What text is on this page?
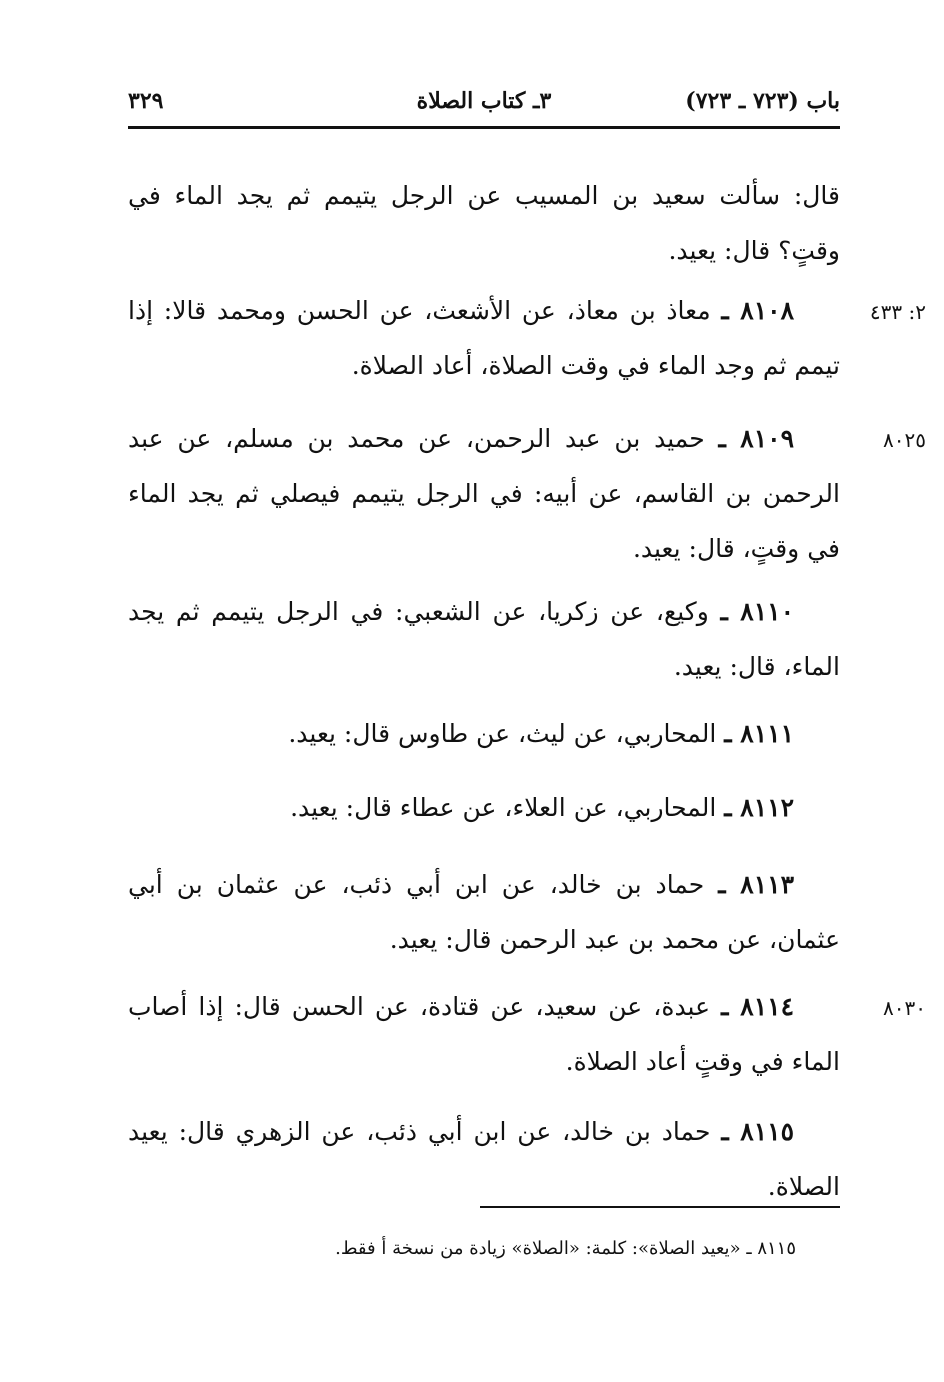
باب (٧٢٣ ـ ٧٢٣)
٣ـ كتاب الصلاة
٣٢٩
قال: سألت سعيد بن المسيب عن الرجل يتيمم ثم يجد الماء في وقتٍ؟ قال: يعيد.
٢: ٤٣٣
٨١٠٨ ـ معاذ بن معاذ، عن الأشعث، عن الحسن ومحمد قالا: إذا تيمم ثم وجد الماء في وقت الصلاة، أعاد الصلاة.
٨٠٢٥
٨١٠٩ ـ حميد بن عبد الرحمن، عن محمد بن مسلم، عن عبد الرحمن بن القاسم، عن أبيه: في الرجل يتيمم فيصلي ثم يجد الماء في وقتٍ، قال: يعيد.
٨١١٠ ـ وكيع، عن زكريا، عن الشعبي: في الرجل يتيمم ثم يجد الماء، قال: يعيد.
٨١١١ ـ المحاربي، عن ليث، عن طاوس قال: يعيد.
٨١١٢ ـ المحاربي، عن العلاء، عن عطاء قال: يعيد.
٨١١٣ ـ حماد بن خالد، عن ابن أبي ذئب، عن عثمان بن أبي عثمان، عن محمد بن عبد الرحمن قال: يعيد.
٨٠٣٠
٨١١٤ ـ عبدة، عن سعيد، عن قتادة، عن الحسن قال: إذا أصاب الماء في وقتٍ أعاد الصلاة.
٨١١٥ ـ حماد بن خالد، عن ابن أبي ذئب، عن الزهري قال: يعيد الصلاة.
٨١١٥ ـ «يعيد الصلاة»: كلمة: «الصلاة» زيادة من نسخة أ فقط.
